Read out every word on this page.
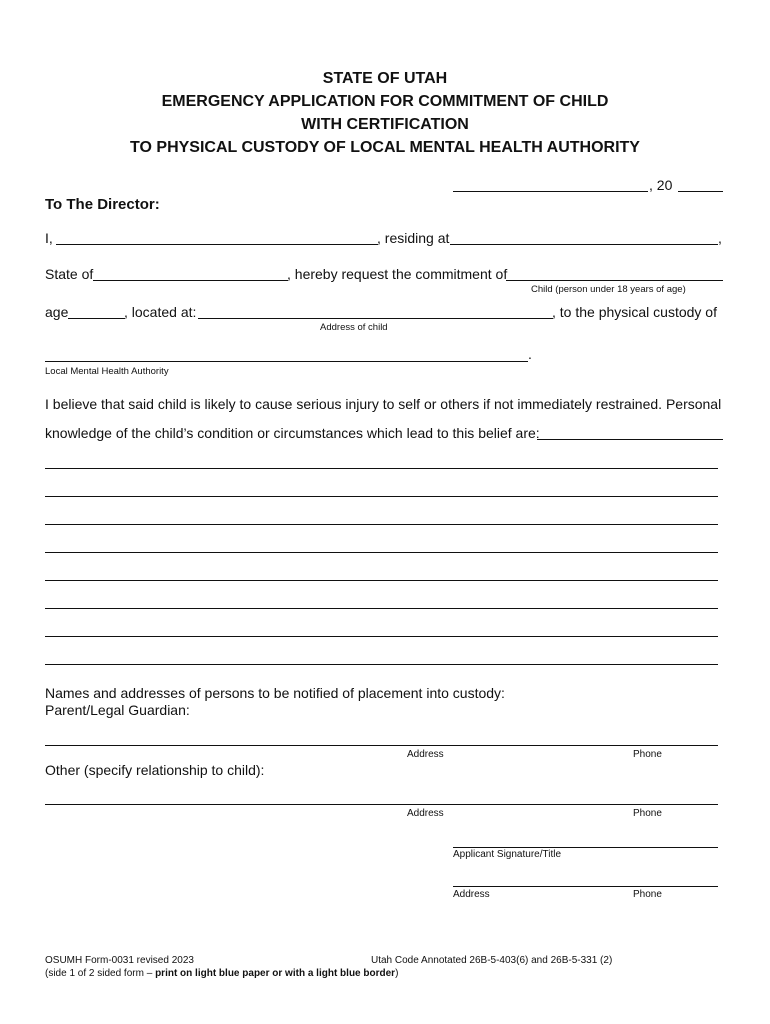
STATE OF UTAH
EMERGENCY APPLICATION FOR COMMITMENT OF CHILD
WITH CERTIFICATION
TO PHYSICAL CUSTODY OF LOCAL MENTAL HEALTH AUTHORITY
, 20
To The Director:
I,	, residing at	,
State of	, hereby request the commitment of
Child (person under 18 years of age)
age	, located at:	, to the physical custody of
Address of child
.
Local Mental Health Authority
I believe that said child is likely to cause serious injury to self or others if not immediately restrained. Personal
knowledge of the child’s condition or circumstances which lead to this belief are:
Names and addresses of persons to be notified of placement into custody:
Parent/Legal Guardian:
Address	Phone
Other (specify relationship to child):
Address	Phone
Applicant Signature/Title
Address	Phone
OSUMH Form-0031 revised 2023	Utah Code Annotated 26B-5-403(6) and 26B-5-331 (2)
(side 1 of 2 sided form – print on light blue paper or with a light blue border)
